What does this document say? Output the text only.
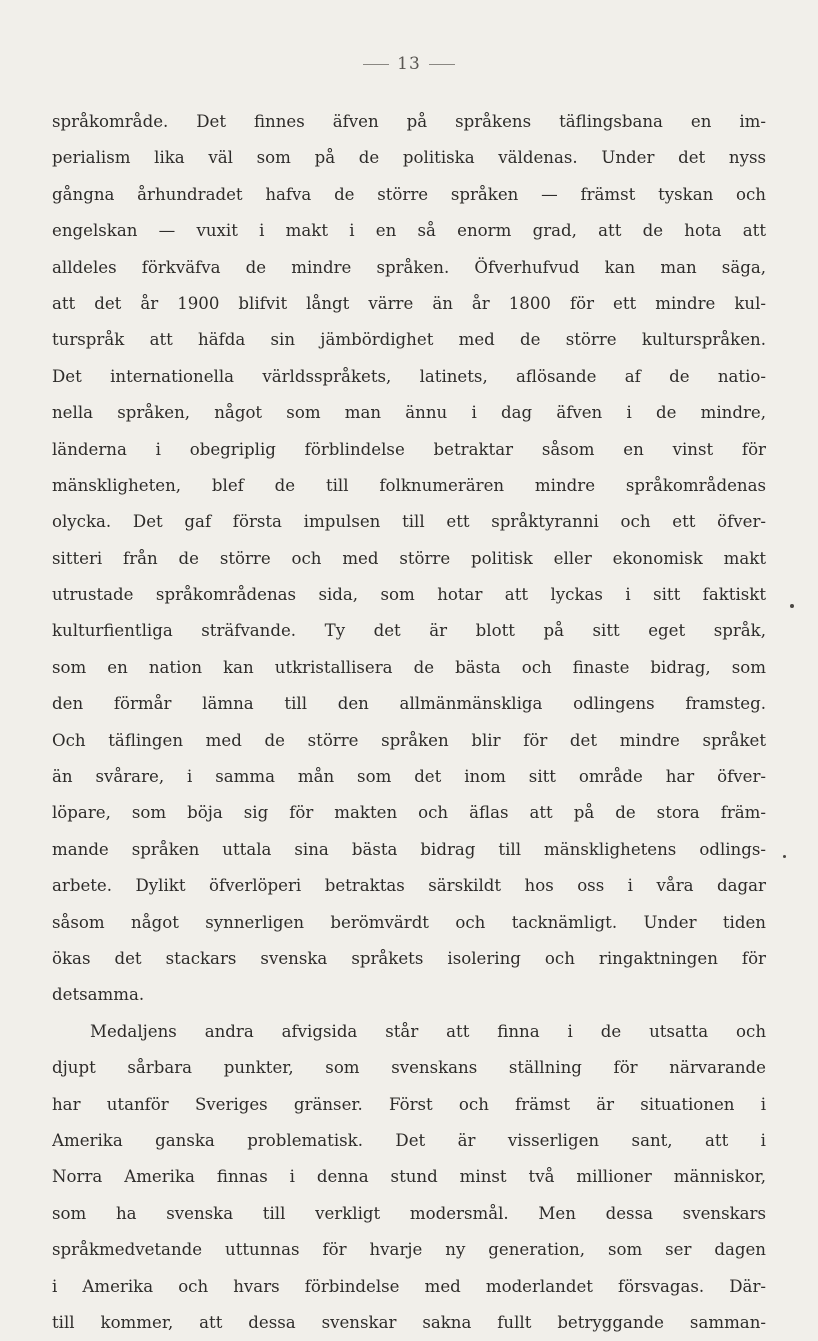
13
språkområde. Det finnes äfven på språkens täflingsbana en im-
perialism lika väl som på de politiska väldenas. Under det nyss
gångna århundradet hafva de större språken — främst tyskan och
engelskan — vuxit i makt i en så enorm grad, att de hota att
alldeles förkväfva de mindre språken. Öfverhufvud kan man säga,
att det år 1900 blifvit långt värre än år 1800 för ett mindre kul-
turspråk att häfda sin jämbördighet med de större kulturspråken.
Det internationella världsspråkets, latinets, aflösande af de natio-
nella språken, något som man ännu i dag äfven i de mindre,
länderna i obegriplig förblindelse betraktar såsom en vinst för
mänskligheten, blef de till folknumerären mindre språkområdenas
olycka. Det gaf första impulsen till ett språktyranni och ett öfver-
sitteri från de större och med större politisk eller ekonomisk makt
utrustade språkområdenas sida, som hotar att lyckas i sitt faktiskt
kulturfientliga sträfvande. Ty det är blott på sitt eget språk,
som en nation kan utkristallisera de bästa och finaste bidrag, som
den förmår lämna till den allmänmänskliga odlingens framsteg.
Och täflingen med de större språken blir för det mindre språket
än svårare, i samma mån som det inom sitt område har öfver-
löpare, som böja sig för makten och äflas att på de stora främ-
mande språken uttala sina bästa bidrag till mänsklighetens odlings-
arbete. Dylikt öfverlöperi betraktas särskildt hos oss i våra dagar
såsom något synnerligen berömvärdt och tacknämligt. Under tiden
ökas det stackars svenska språkets isolering och ringaktningen för
detsamma.
Medaljens andra afvigsida står att finna i de utsatta och
djupt sårbara punkter, som svenskans ställning för närvarande
har utanför Sveriges gränser. Först och främst är situationen i
Amerika ganska problematisk. Det är visserligen sant, att i
Norra Amerika finnas i denna stund minst två millioner människor,
som ha svenska till verkligt modersmål. Men dessa svenskars
språkmedvetande uttunnas för hvarje ny generation, som ser dagen
i Amerika och hvars förbindelse med moderlandet försvagas. Där-
till kommer, att dessa svenskar sakna fullt betryggande samman-
